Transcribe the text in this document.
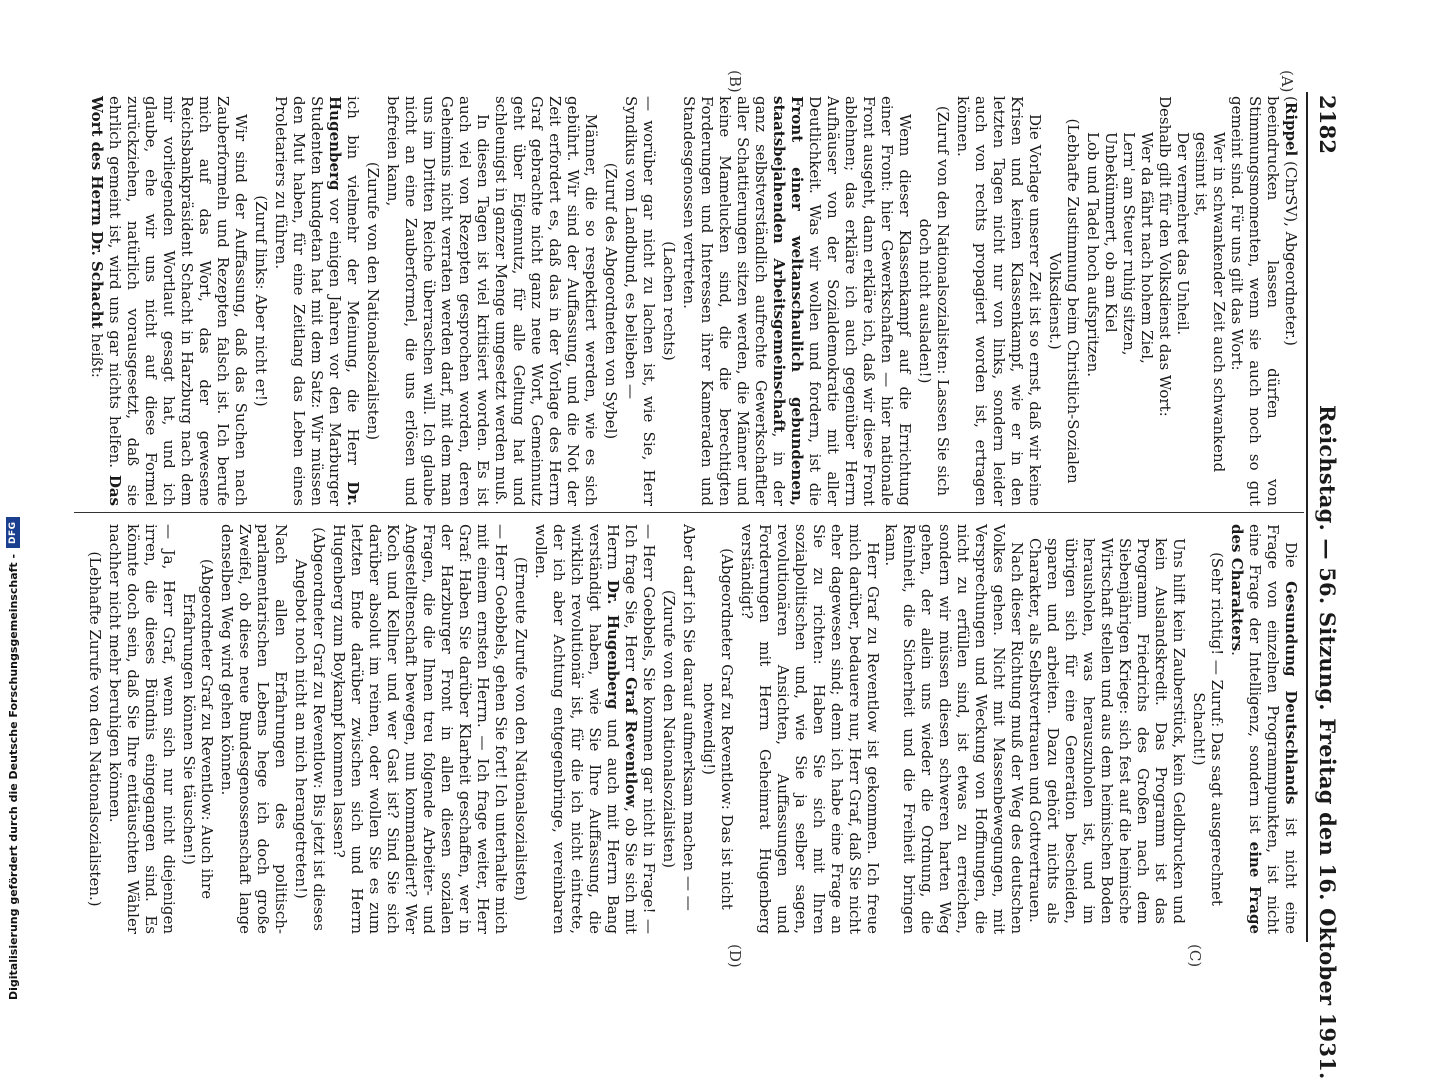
2182
Reichstag. — 56. Sitzung. Freitag den 16. Oktober 1931.
(A)
(B)
(C)
(D)

(Rippel (ChrSV), Abgeordneter.)

beeindrucken lassen dürfen von Stimmungsmomenten, wenn sie auch noch so gut gemeint sind. Für uns gilt das Wort:

Wer in schwankender Zeit auch schwankend gesinnt ist,

Der vermehret das Unheil.

Deshalb gilt für den Volksdienst das Wort:

Wer da fährt nach hohem Ziel,

Lern' am Steuer ruhig sitzen,

Unbekümmert, ob am Kiel

Lob und Tadel hoch aufspritzen.

(Lebhafte Zustimmung beim Christlich-Sozialen Volksdienst.)

Die Vorlage unserer Zeit ist so ernst, daß wir keine Krisen und keinen Klassenkampf, wie er in den letzten Tagen nicht nur von links, sondern leider auch von rechts propagiert worden ist, ertragen können.

(Zuruf von den Nationalsozialisten: Lassen Sie sich doch nicht ausladen!)

Wenn dieser Klassenkampf auf die Errichtung einer Front: hier Gewerkschaften — hier nationale Front ausgeht, dann erkläre ich, daß wir diese Front ablehnen; das erkläre ich auch gegenüber Herrn Aufhäuser von der Sozialdemokratie mit aller Deutlichkeit. Was wir wollen und fordern, ist die Front einer weltanschaulich gebundenen, staatsbejahenden Arbeitsgemeinschaft, in der ganz selbstverständlich aufrechte Gewerkschaftler aller Schattierungen sitzen werden, die Männer und keine Mamelucken sind, die die berechtigten Forderungen und Interessen ihrer Kameraden und Standesgenossen vertreten.

(Lachen rechts)

— worüber gar nicht zu lachen ist, wie Sie, Herr Syndikus vom Landbund, es belieben —

(Zuruf des Abgeordneten von Sybel)

Männer, die so respektiert werden, wie es sich gebührt. Wir sind der Auffassung, und die Not der Zeit erfordert es, daß das in der Vorlage des Herrn Graf gebrachte nicht ganz neue Wort, Gemeinnutz geht über Eigennutz, für alle Geltung hat und schleunigst in ganzer Menge umgesetzt werden muß.

In diesen Tagen ist viel kritisiert worden. Es ist auch viel von Rezepten gesprochen worden, deren Geheimnis nicht verraten werden darf, mit dem man uns im Dritten Reiche überraschen will. Ich glaube nicht an eine Zauberformel, die uns erlösen und befreien kann,

(Zurufe von den Nationalsozialisten)

ich bin vielmehr der Meinung, die Herr Dr. Hugenberg vor einigen Jahren vor den Marburger Studenten kundgetan hat mit dem Satz: Wir müssen den Mut haben, für eine Zeitlang das Leben eines Proletariers zu führen.

(Zuruf links: Aber nicht er!)

Wir sind der Auffassung, daß das Suchen nach Zauberformeln und Rezepten falsch ist. Ich berufe mich auf das Wort, das der gewesene Reichsbankpräsident Schacht in Harzburg nach dem mir vorliegenden Wortlaut gesagt hat, und ich glaube, ehe wir uns nicht auf diese Formel zurückziehen, natürlich vorausgesetzt, daß sie ehrlich gemeint ist, wird uns gar nichts helfen. Das Wort des Herrn Dr. Schacht heißt:

Die Gesundung Deutschlands ist nicht eine Frage von einzelnen Programmpunkten, ist nicht eine Frage der Intelligenz, sondern ist eine Frage des Charakters.

(Sehr richtig! — Zuruf: Das sagt ausgerechnet Schacht!)

Uns hilft kein Zauberstück, kein Geldbrucken und kein Auslandskredit. Das Programm ist das Programm Friedrichs des Großen nach dem Siebenjährigen Kriege: sich fest auf die heimische Wirtschaft stellen und aus dem heimischen Boden herausholen, was herauszuholen ist, und im übrigen sich für eine Generation bescheiden, sparen und arbeiten. Dazu gehört nichts als Charakter, als Selbstvertrauen und Gottvertrauen.

Nach dieser Richtung muß der Weg des deutschen Volkes gehen. Nicht mit Massenbewegungen, mit Versprechungen und Weckung von Hoffnungen, die nicht zu erfüllen sind, ist etwas zu erreichen, sondern wir müssen diesen schweren harten Weg gehen, der allein uns wieder die Ordnung, die Reinheit, die Sicherheit und die Freiheit bringen kann.

Herr Graf zu Reventlow ist gekommen. Ich freue mich darüber, bedauere nur, Herr Graf, daß Sie nicht eher dagewesen sind; denn ich habe eine Frage an Sie zu richten: Haben Sie sich mit Ihren sozialpolitischen und, wie Sie ja selber sagen, revolutionären Ansichten, Auffassungen und Forderungen mit Herrn Geheimrat Hugenberg verständigt?

(Abgeordneter Graf zu Reventlow: Das ist nicht notwendig!)

Aber darf ich Sie darauf aufmerksam machen — —

(Zurufe von den Nationalsozialisten)

— Herr Goebbels, Sie kommen gar nicht in Frage! — Ich frage Sie, Herr Graf Reventlow, ob Sie sich mit Herrn Dr. Hugenberg und auch mit Herrn Bang verständigt haben, wie Sie Ihre Auffassung, die wirklich revolutionär ist, für die ich nicht eintrete, der ich aber Achtung entgegenbringe, vereinbaren wollen.

(Erneute Zurufe von den Nationalsozialisten)

— Herr Goebbels, gehen Sie fort! Ich unterhalte mich mit einem ernsten Herrn. — Ich frage weiter, Herr Graf: Haben Sie darüber Klarheit geschaffen, wer in der Harzburger Front in allen diesen sozialen Fragen, die die Ihnen treu folgende Arbeiter- und Angestelltenschaft bewegen, nun kommandiert? Wer Koch und Kellner und wer Gast ist? Sind Sie sich darüber absolut im reinen, oder wollen Sie es zum letzten Ende darüber zwischen sich und Herrn Hugenberg zum Boykampf kommen lassen?

(Abgeordneter Graf zu Reventlow: Bis jetzt ist dieses Angebot noch nicht an mich herangetreten!)

Nach allen Erfahrungen des politisch-parlamentarischen Lebens hege ich doch große Zweifel, ob diese neue Bundesgenossenschaft lange denselben Weg wird gehen können.

(Abgeordneter Graf zu Reventlow: Auch ihre Erfahrungen können Sie täuschen!)

— Ja, Herr Graf, wenn sich nur nicht diejenigen irren, die dieses Bündnis eingegangen sind. Es könnte doch sein, daß Sie Ihre enttäuschten Wähler nachher nicht mehr beruhigen können.

(Lebhafte Zurufe von den Nationalsozialisten.)

Digitalisierung gefördert durch die Deutsche Forschungsgemeinschaft -
DFG
